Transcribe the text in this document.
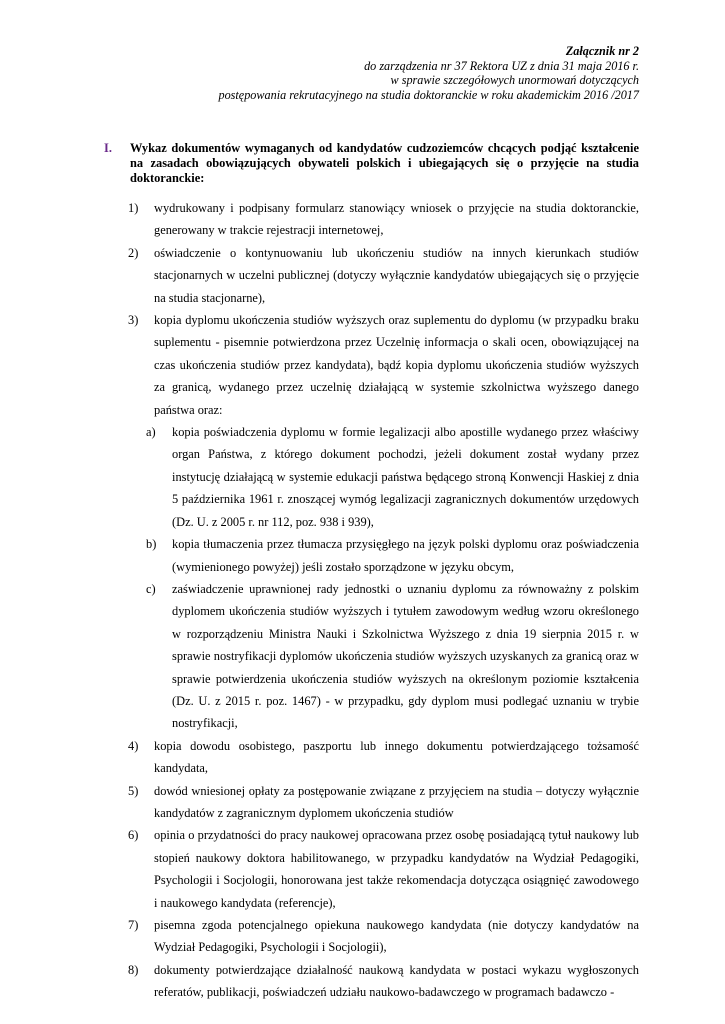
Załącznik nr 2
do zarządzenia nr 37 Rektora UZ z dnia 31 maja 2016 r.
w sprawie szczegółowych unormowań dotyczących
postępowania rekrutacyjnego na studia doktoranckie w roku akademickim 2016 /2017
I. Wykaz dokumentów wymaganych od kandydatów cudzoziemców chcących podjąć kształcenie na zasadach obowiązujących obywateli polskich i ubiegających się o przyjęcie na studia doktoranckie:
1) wydrukowany i podpisany formularz stanowiący wniosek o przyjęcie na studia doktoranckie, generowany w trakcie rejestracji internetowej,
2) oświadczenie o kontynuowaniu lub ukończeniu studiów na innych kierunkach studiów stacjonarnych w uczelni publicznej (dotyczy wyłącznie kandydatów ubiegających się o przyjęcie na studia stacjonarne),
3) kopia dyplomu ukończenia studiów wyższych oraz suplementu do dyplomu (w przypadku braku suplementu - pisemnie potwierdzona przez Uczelnię informacja o skali ocen, obowiązującej na czas ukończenia studiów przez kandydata), bądź kopia dyplomu ukończenia studiów wyższych za granicą, wydanego przez uczelnię działającą w systemie szkolnictwa wyższego danego państwa oraz:
a) kopia poświadczenia dyplomu w formie legalizacji albo apostille wydanego przez właściwy organ Państwa, z którego dokument pochodzi, jeżeli dokument został wydany przez instytucję działającą w systemie edukacji państwa będącego stroną Konwencji Haskiej z dnia 5 października 1961 r. znoszącej wymóg legalizacji zagranicznych dokumentów urzędowych (Dz. U. z 2005 r. nr 112, poz. 938 i 939),
b) kopia tłumaczenia przez tłumacza przysięgłego na język polski dyplomu oraz poświadczenia (wymienionego powyżej) jeśli zostało sporządzone w języku obcym,
c) zaświadczenie uprawnionej rady jednostki o uznaniu dyplomu za równoważny z polskim dyplomem ukończenia studiów wyższych i tytułem zawodowym według wzoru określonego w rozporządzeniu Ministra Nauki i Szkolnictwa Wyższego z dnia 19 sierpnia 2015 r. w sprawie nostryfikacji dyplomów ukończenia studiów wyższych uzyskanych za granicą oraz w sprawie potwierdzenia ukończenia studiów wyższych na określonym poziomie kształcenia (Dz. U. z 2015 r. poz. 1467) - w przypadku, gdy dyplom musi podlegać uznaniu w trybie nostryfikacji,
4) kopia dowodu osobistego, paszportu lub innego dokumentu potwierdzającego tożsamość kandydata,
5) dowód wniesionej opłaty za postępowanie związane z przyjęciem na studia – dotyczy wyłącznie kandydatów z zagranicznym dyplomem ukończenia studiów
6) opinia o przydatności do pracy naukowej opracowana przez osobę posiadającą tytuł naukowy lub stopień naukowy doktora habilitowanego, w przypadku kandydatów na Wydział Pedagogiki, Psychologii i Socjologii, honorowana jest także rekomendacja dotycząca osiągnięć zawodowego i naukowego kandydata (referencje),
7) pisemna zgoda potencjalnego opiekuna naukowego kandydata (nie dotyczy kandydatów na Wydział Pedagogiki, Psychologii i Socjologii),
8) dokumenty potwierdzające działalność naukową kandydata w postaci wykazu wygłoszonych referatów, publikacji, poświadczeń udziału naukowo-badawczego w programach badawczo -
